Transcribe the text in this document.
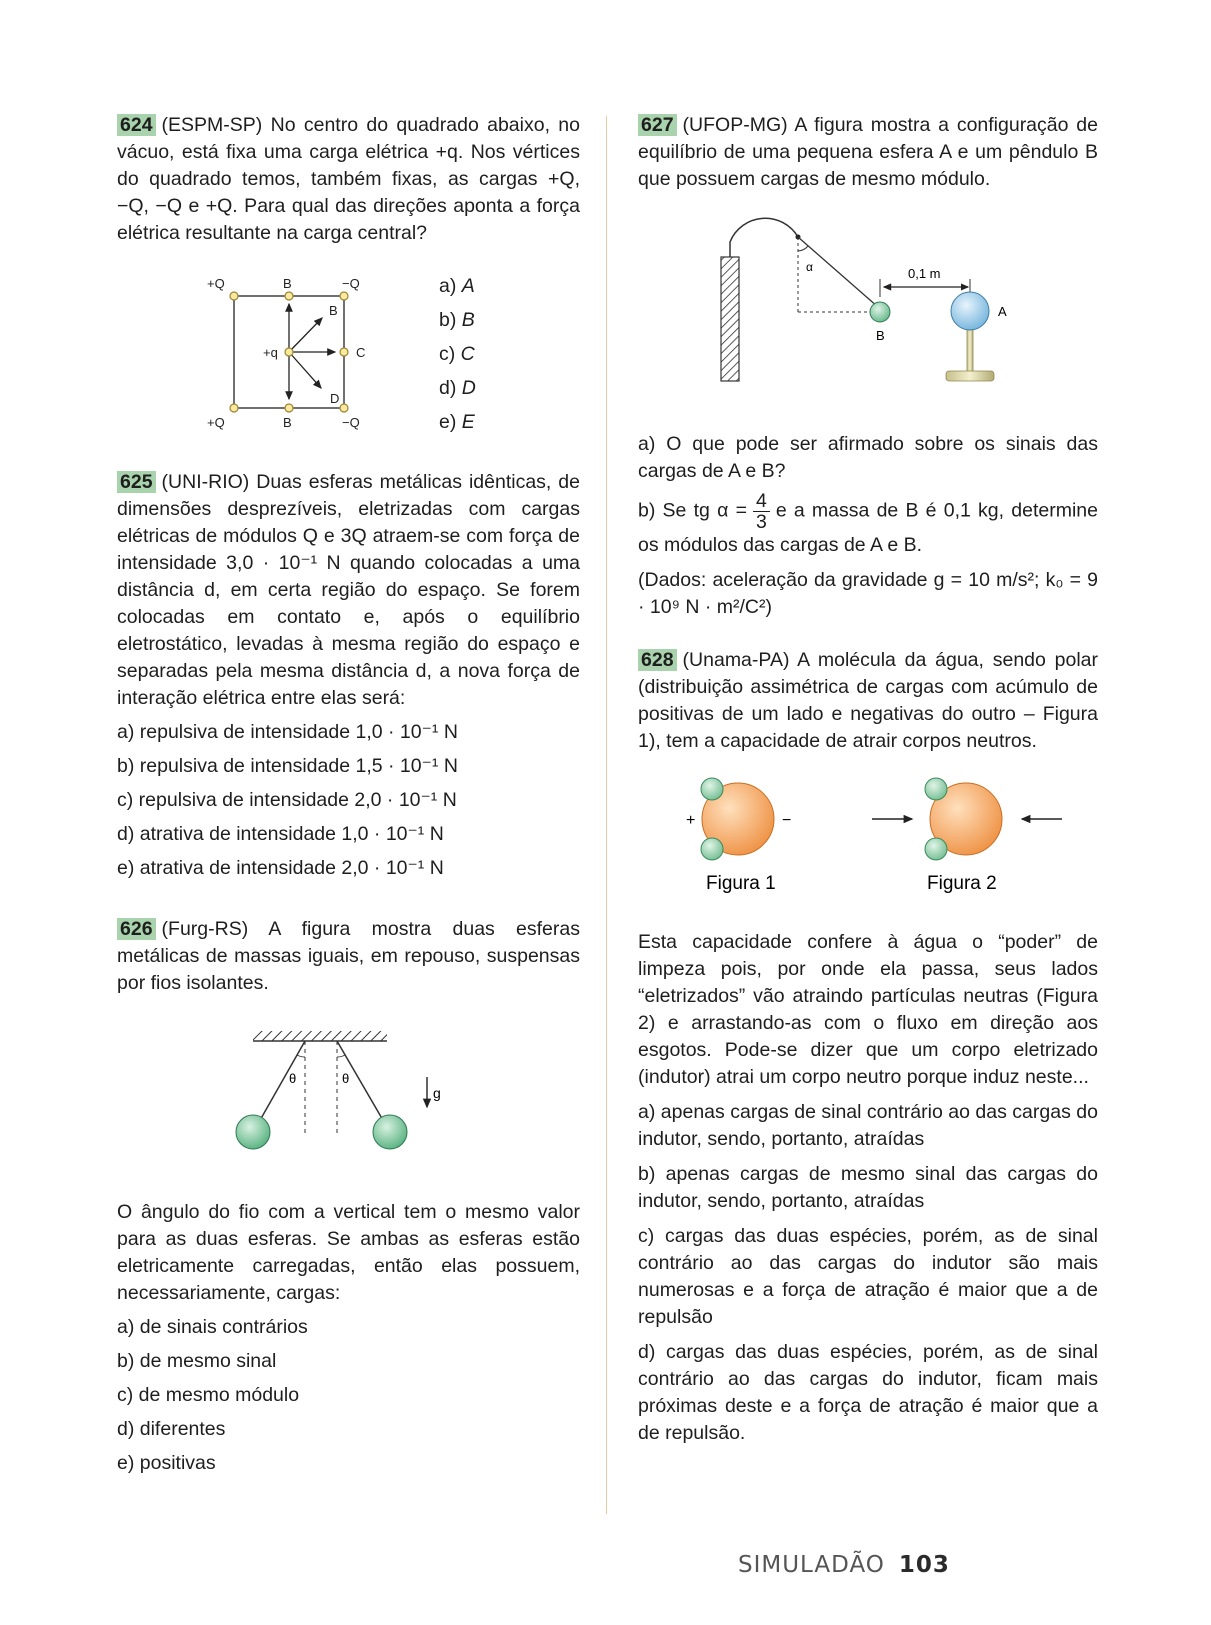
624 (ESPM-SP) No centro do quadrado abaixo, no vácuo, está fixa uma carga elétrica +q. Nos vértices do quadrado temos, também fixas, as cargas +Q, −Q, −Q e +Q. Para qual das direções aponta a força elétrica resultante na carga central?

+Q	B	−Q
B
+q	C
D
+Q	B	−Q

a) A

b) B

c) C

d) D

e) E

625 (UNI-RIO) Duas esferas metálicas idênticas, de dimensões desprezíveis, eletrizadas com cargas elétricas de módulos Q e 3Q atraem-se com força de intensidade 3,0 · 10⁻¹ N quando colocadas a uma distância d, em certa região do espaço. Se forem colocadas em contato e, após o equilíbrio eletrostático, levadas à mesma região do espaço e separadas pela mesma distância d, a nova força de interação elétrica entre elas será:

a) repulsiva de intensidade 1,0 · 10⁻¹ N

b) repulsiva de intensidade 1,5 · 10⁻¹ N

c) repulsiva de intensidade 2,0 · 10⁻¹ N

d) atrativa de intensidade 1,0 · 10⁻¹ N

e) atrativa de intensidade 2,0 · 10⁻¹ N

626 (Furg-RS) A figura mostra duas esferas metálicas de massas iguais, em repouso, suspensas por fios isolantes.

θ	θ
g

O ângulo do fio com a vertical tem o mesmo valor para as duas esferas. Se ambas as esferas estão eletricamente carregadas, então elas possuem, necessariamente, cargas:

a) de sinais contrários

b) de mesmo sinal

c) de mesmo módulo

d) diferentes

e) positivas

627 (UFOP-MG) A figura mostra a configuração de equilíbrio de uma pequena esfera A e um pêndulo B que possuem cargas de mesmo módulo.

α
B
0,1 m
A

a) O que pode ser afirmado sobre os sinais das cargas de A e B?

b) Se tg $\alpha = \frac{4}{3}$ e a massa de B é 0,1 kg, determine os módulos das cargas de A e B.

(Dados: aceleração da gravidade g = 10 m/s²; k₀ = 9 · 10⁹ N · m²/C²)

628 (Unama-PA) A molécula da água, sendo polar (distribuição assimétrica de cargas com acúmulo de positivas de um lado e negativas do outro – Figura 1), tem a capacidade de atrair corpos neutros.

+	−
Figura 1	Figura 2

Esta capacidade confere à água o “poder” de limpeza pois, por onde ela passa, seus lados “eletrizados” vão atraindo partículas neutras (Figura 2) e arrastando-as com o fluxo em direção aos esgotos. Pode-se dizer que um corpo eletrizado (indutor) atrai um corpo neutro porque induz neste...

a) apenas cargas de sinal contrário ao das cargas do indutor, sendo, portanto, atraídas

b) apenas cargas de mesmo sinal das cargas do indutor, sendo, portanto, atraídas

c) cargas das duas espécies, porém, as de sinal contrário ao das cargas do indutor são mais numerosas e a força de atração é maior que a de repulsão

d) cargas das duas espécies, porém, as de sinal contrário ao das cargas do indutor, ficam mais próximas deste e a força de atração é maior que a de repulsão.

SIMULADÃO 103
